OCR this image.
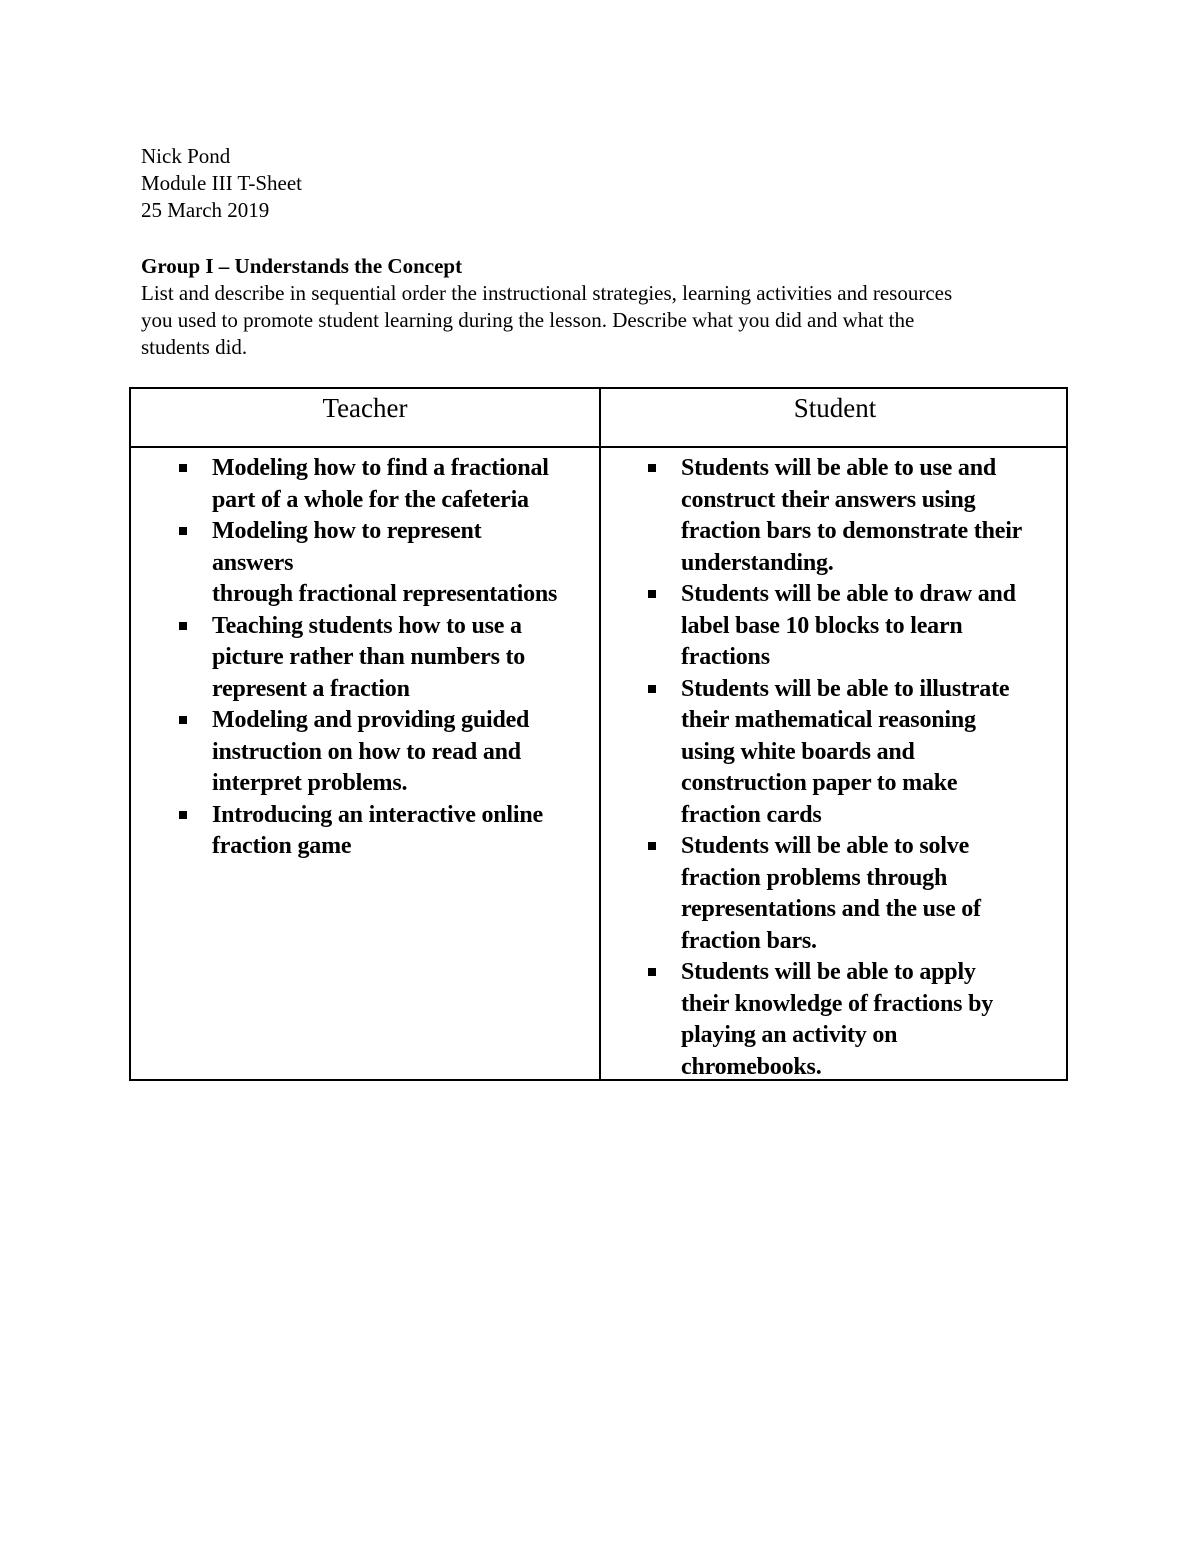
Nick Pond
Module III T-Sheet
25 March 2019
Group I – Understands the Concept

List and describe in sequential order the instructional strategies, learning activities and resources
you used to promote student learning during the lesson. Describe what you did and what the
students did.

Teacher	Student
Modeling how to find a fractional
part of a whole for the cafeteria
Modeling how to represent
answers
through fractional representations
Teaching students how to use a
picture rather than numbers to
represent a fraction
Modeling and providing guided
instruction on how to read and
interpret problems.
Introducing an interactive online
fraction game
Students will be able to use and
construct their answers using
fraction bars to demonstrate their
understanding.
Students will be able to draw and
label base 10 blocks to learn
fractions
Students will be able to illustrate
their mathematical reasoning
using white boards and
construction paper to make
fraction cards
Students will be able to solve
fraction problems through
representations and the use of
fraction bars.
Students will be able to apply
their knowledge of fractions by
playing an activity on
chromebooks.
